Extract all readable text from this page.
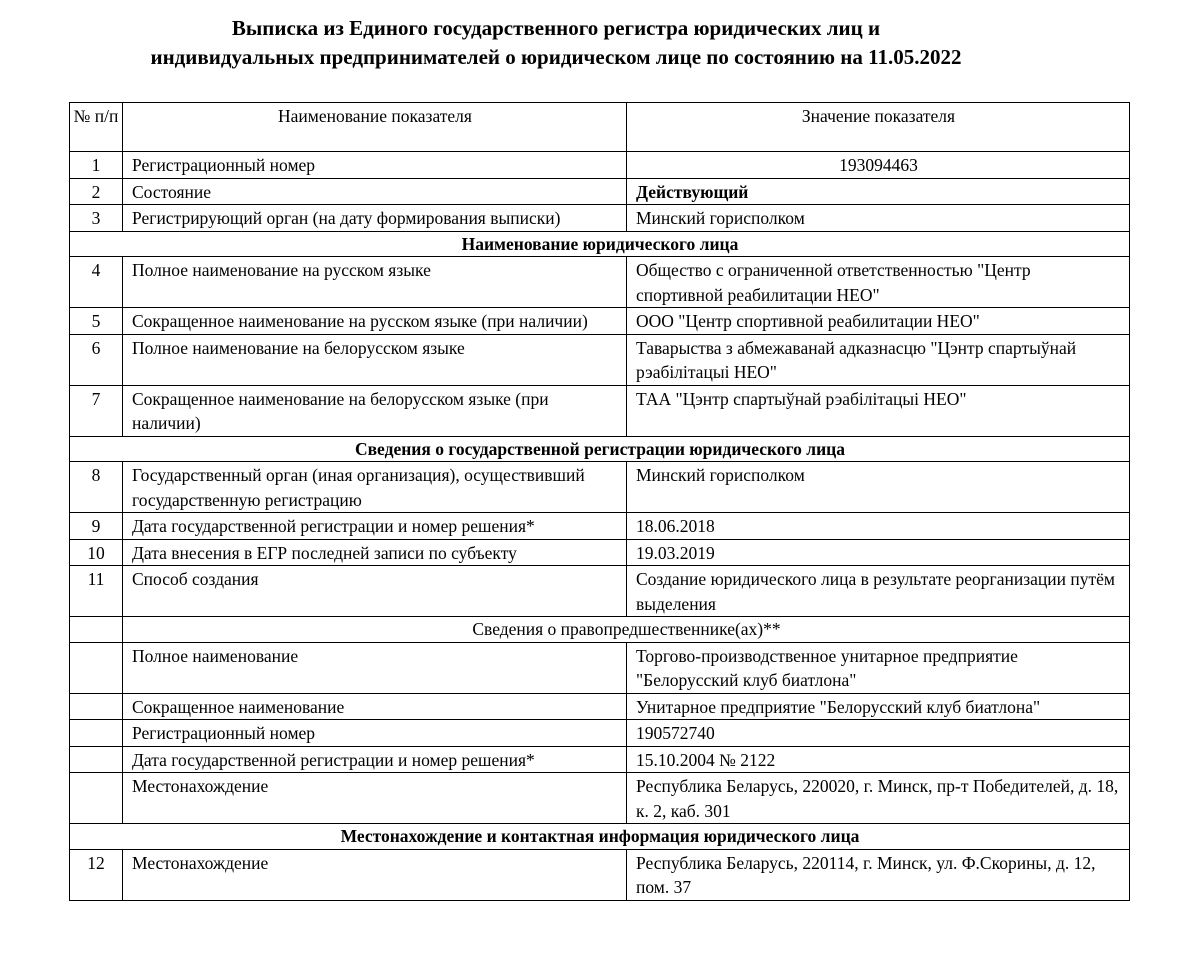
Выписка из Единого государственного регистра юридических лиц и
индивидуальных предпринимателей о юридическом лице по состоянию на 11.05.2022
№ п/п	Наименование показателя	Значение показателя
1	Регистрационный номер	193094463
2	Состояние	Действующий
3	Регистрирующий орган (на дату формирования выписки)	Минский горисполком
Наименование юридического лица		
4	Полное наименование на русском языке	Общество с ограниченной ответственностью "Центр спортивной реабилитации НЕО"
5	Сокращенное наименование на русском языке (при наличии)	ООО "Центр спортивной реабилитации НЕО"
6	Полное наименование на белорусском языке	Таварыства з абмежаванай адказнасцю "Цэнтр спартыўнай рэабілітацыі НЕО"
7	Сокращенное наименование на белорусском языке (при наличии)	ТАА "Цэнтр спартыўнай рэабілітацыі НЕО"
Сведения о государственной регистрации юридического лица		
8	Государственный орган (иная организация), осуществивший государственную регистрацию	Минский горисполком
9	Дата государственной регистрации и номер решения*	18.06.2018
10	Дата внесения в ЕГР последней записи по субъекту	19.03.2019
11	Способ создания	Создание юридического лица в результате реорганизации путём выделения
	Сведения о правопредшественнике(ах)**	
	Полное наименование	Торгово-производственное унитарное предприятие "Белорусский клуб биатлона"
	Сокращенное наименование	Унитарное предприятие "Белорусский клуб биатлона"
	Регистрационный номер	190572740
	Дата государственной регистрации и номер решения*	15.10.2004 № 2122
	Местонахождение	Республика Беларусь, 220020, г. Минск, пр-т Победителей, д. 18, к. 2, каб. 301
Местонахождение и контактная информация юридического лица		
12	Местонахождение	Республика Беларусь, 220114, г. Минск, ул. Ф.Скорины, д. 12, пом. 37
